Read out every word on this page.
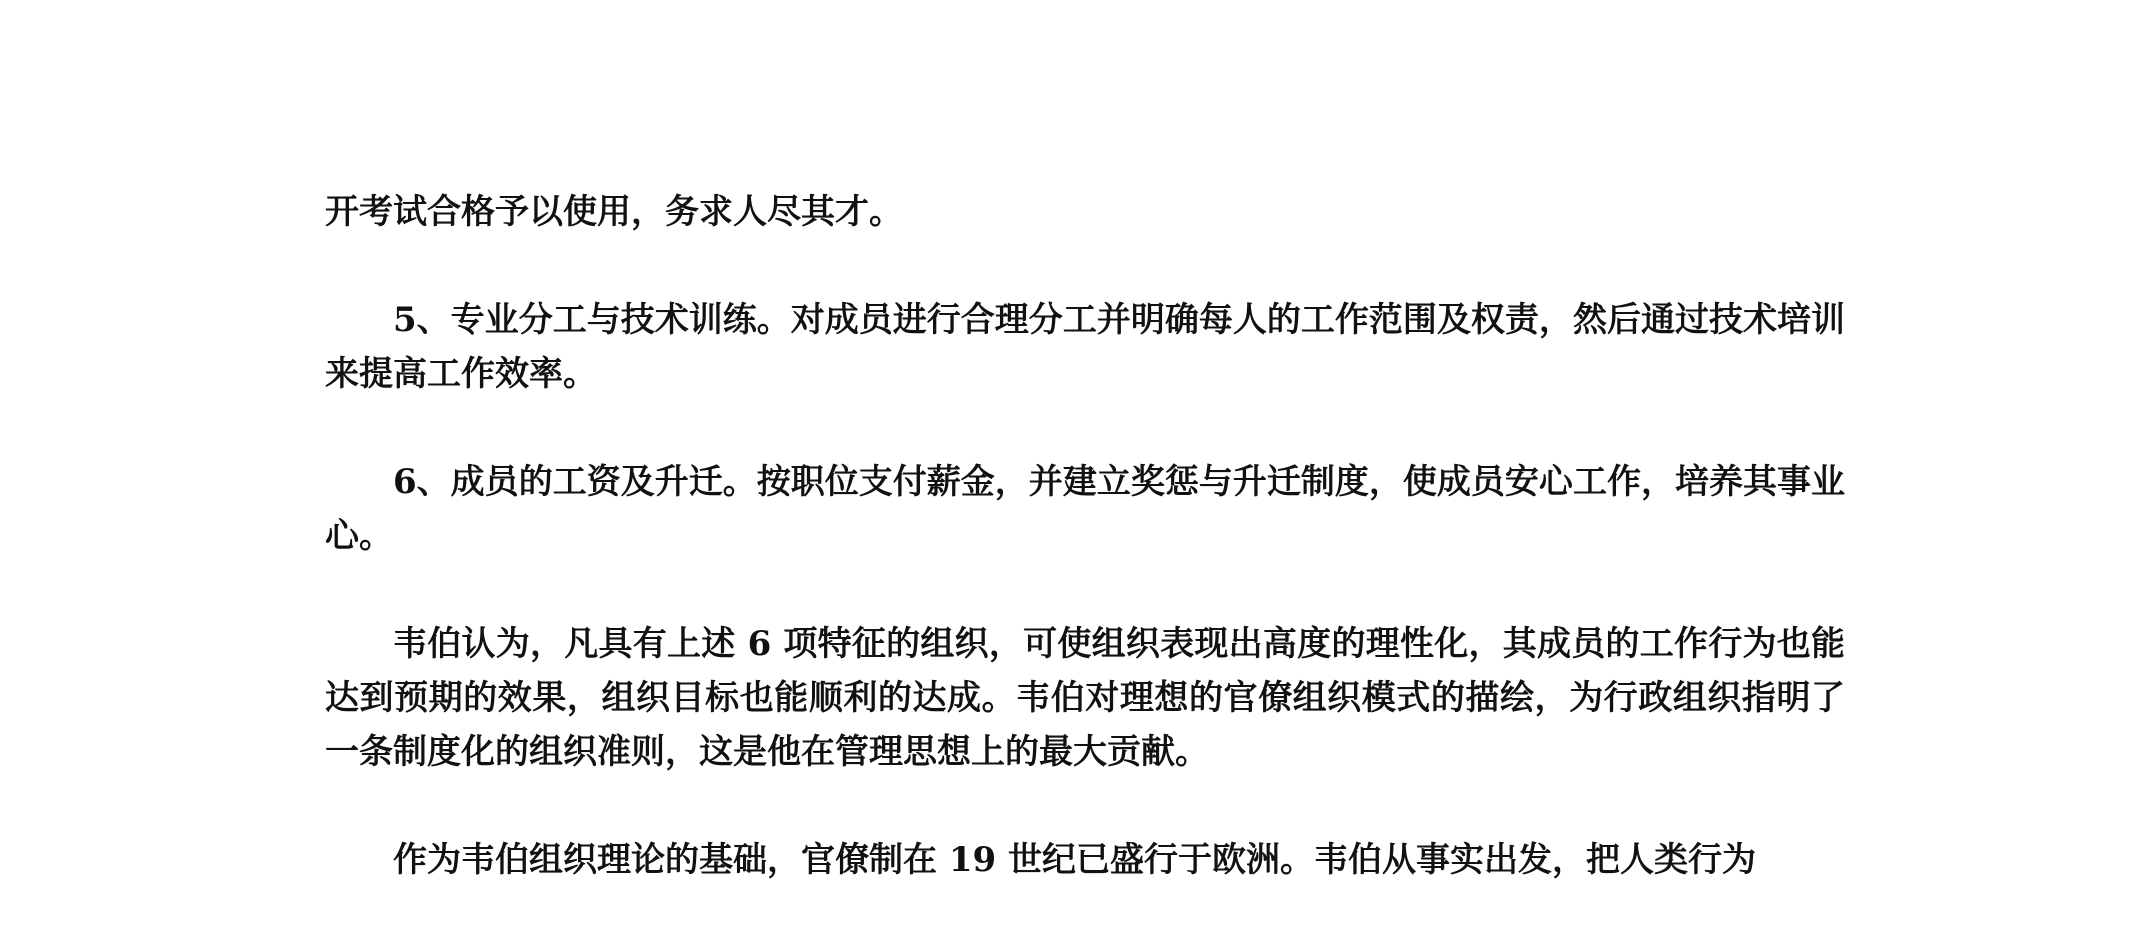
开考试合格予以使用，务求人尽其才。

5、专业分工与技术训练。对成员进行合理分工并明确每人的工作范围及权责，然后通过技术培训来提高工作效率。

6、成员的工资及升迁。按职位支付薪金，并建立奖惩与升迁制度，使成员安心工作，培养其事业心。

韦伯认为，凡具有上述 6 项特征的组织，可使组织表现出高度的理性化，其成员的工作行为也能达到预期的效果，组织目标也能顺利的达成。韦伯对理想的官僚组织模式的描绘，为行政组织指明了一条制度化的组织准则，这是他在管理思想上的最大贡献。

作为韦伯组织理论的基础，官僚制在 19 世纪已盛行于欧洲。韦伯从事实出发，把人类行为
